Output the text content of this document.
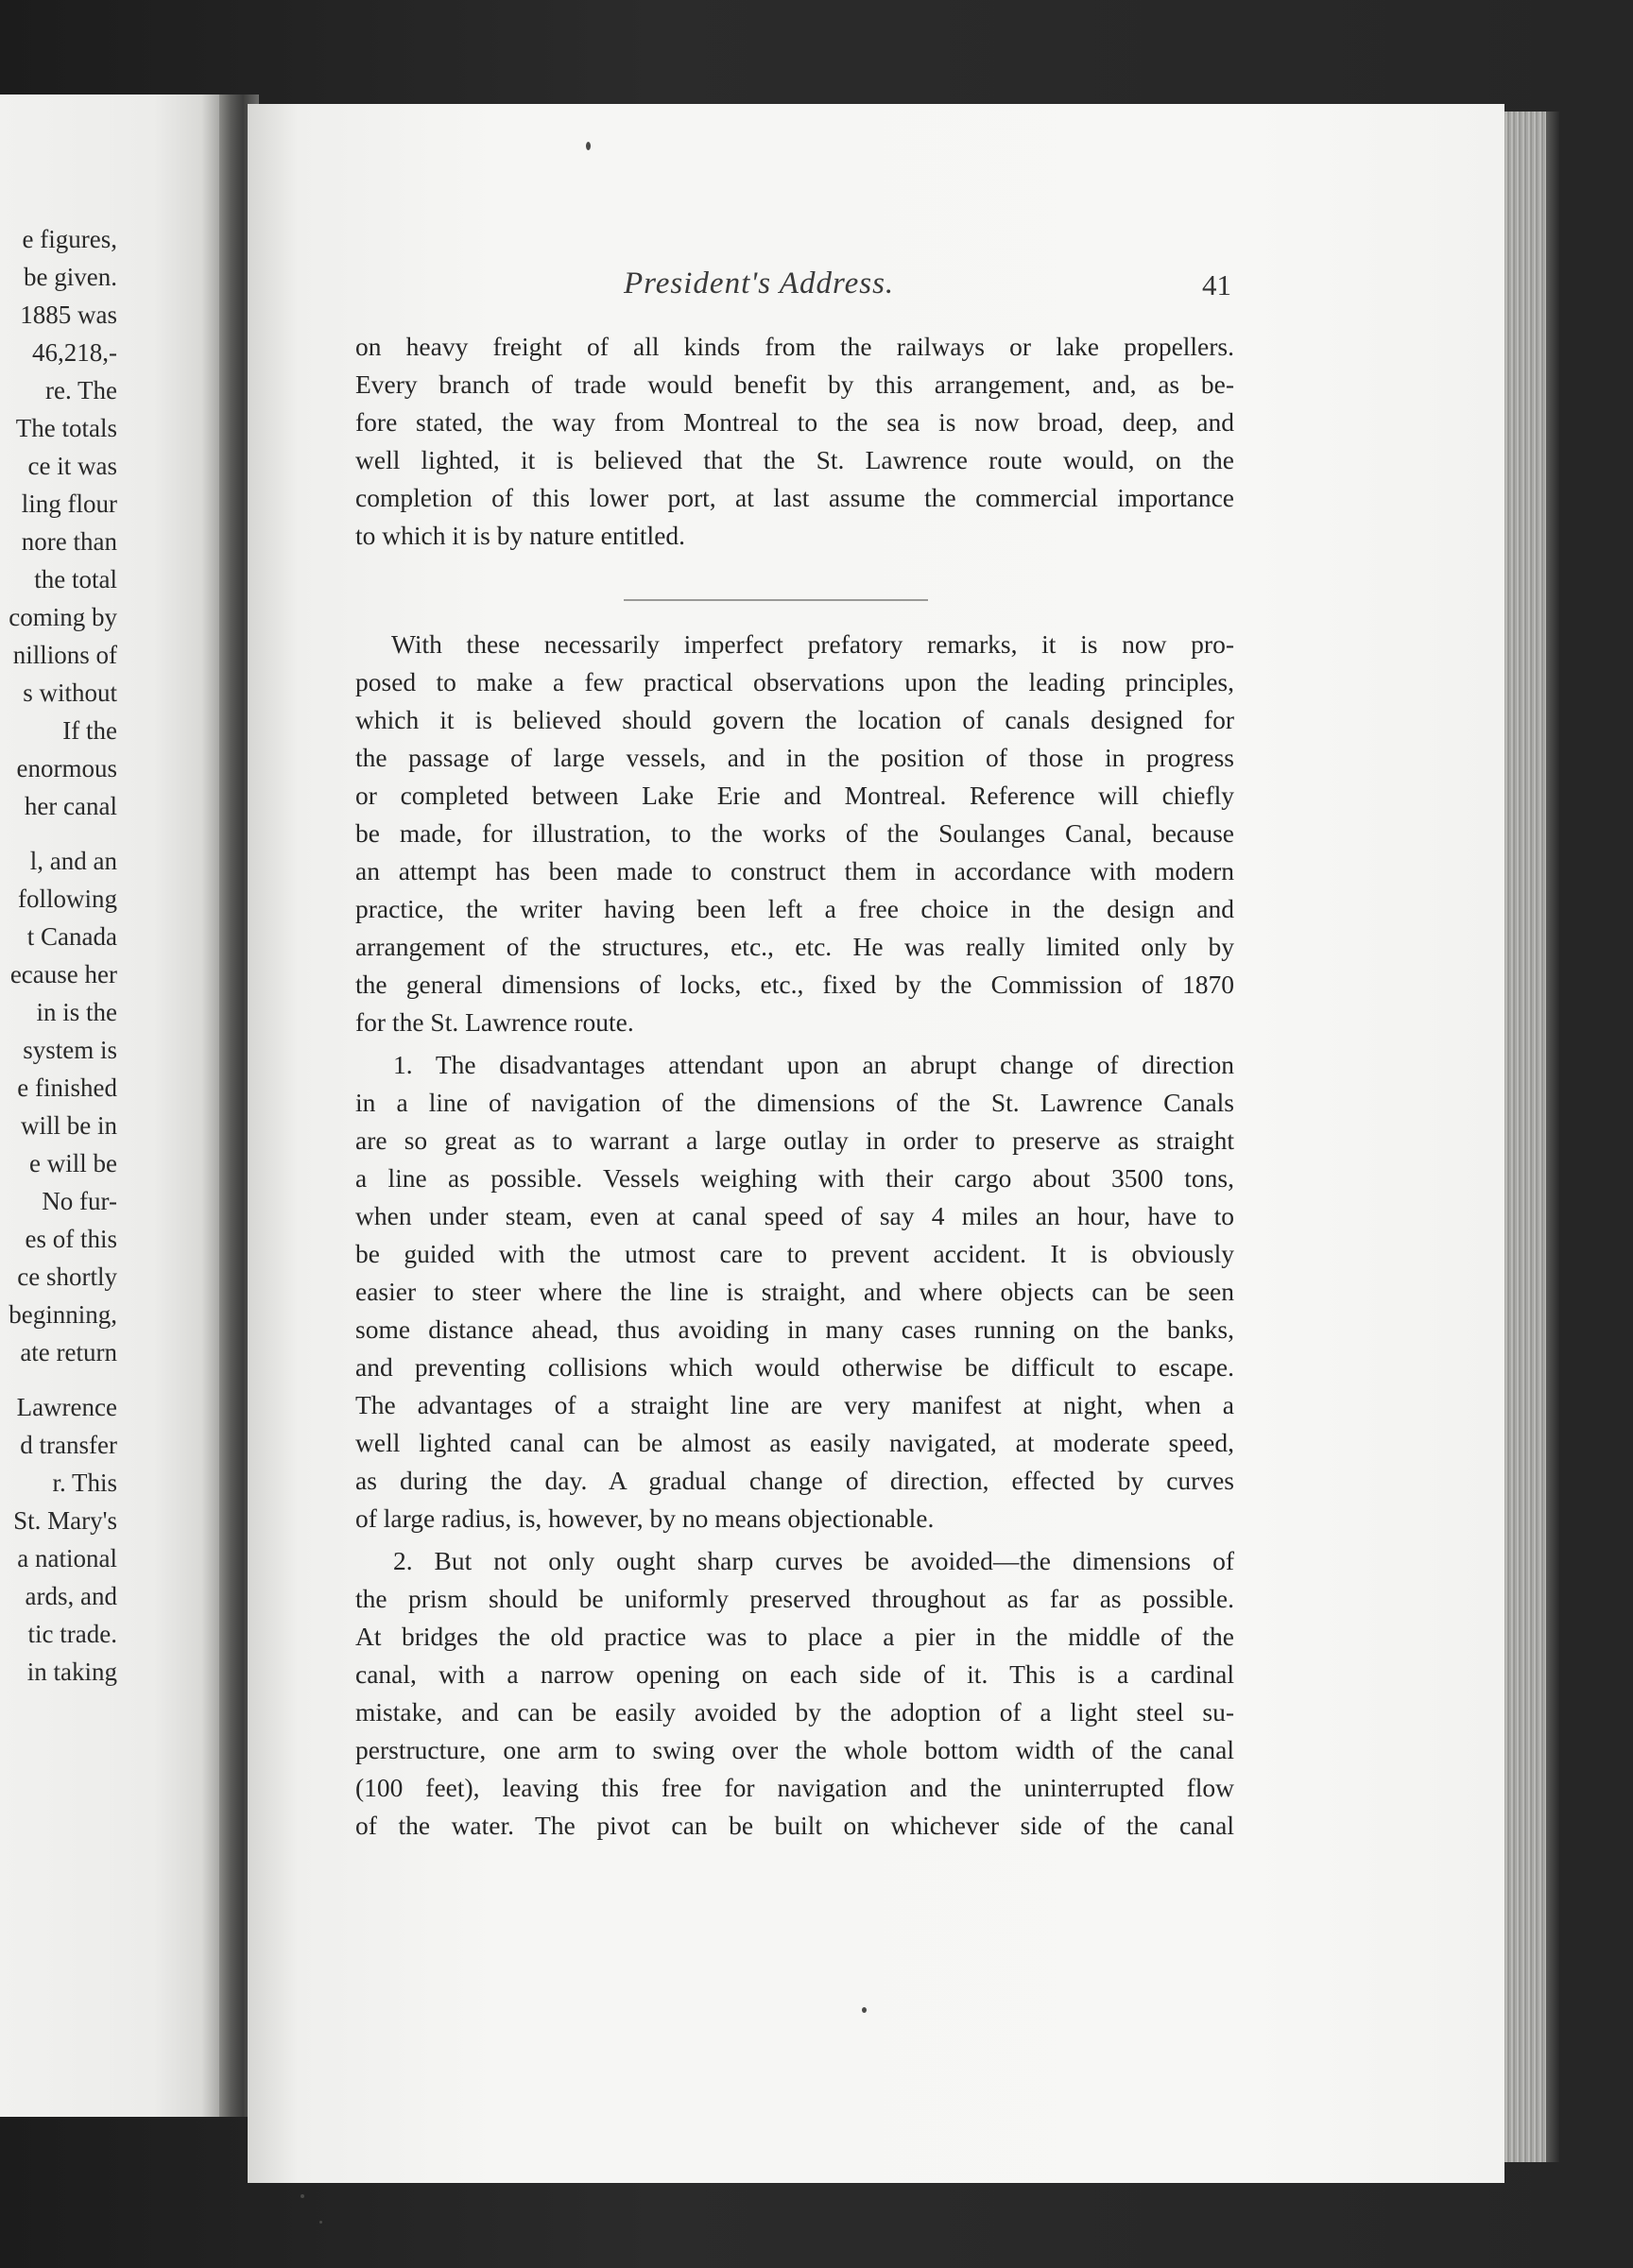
e figures,
be given.
1885 was
46,218,-
re. The
The totals
ce it was
ling flour
nore than
the total
coming by
nillions of
s without
If the
enormous
her canal
l, and an
following
t Canada
ecause her
in is the
system is
e finished
will be in
e will be
No fur-
es of this
ce shortly
beginning,
ate return
Lawrence
d transfer
r. This
St. Mary's
a national
ards, and
tic trade.
in taking
President's Address.	41
on heavy freight of all kinds from the railways or lake propellers.
Every branch of trade would benefit by this arrangement, and, as be-
fore stated, the way from Montreal to the sea is now broad, deep, and
well lighted, it is believed that the St. Lawrence route would, on the
completion of this lower port, at last assume the commercial importance
to which it is by nature entitled.
With these necessarily imperfect prefatory remarks, it is now pro-
posed to make a few practical observations upon the leading principles,
which it is believed should govern the location of canals designed for
the passage of large vessels, and in the position of those in progress
or completed between Lake Erie and Montreal. Reference will chiefly
be made, for illustration, to the works of the Soulanges Canal, because
an attempt has been made to construct them in accordance with modern
practice, the writer having been left a free choice in the design and
arrangement of the structures, etc., etc. He was really limited only by
the general dimensions of locks, etc., fixed by the Commission of 1870
for the St. Lawrence route.
1. The disadvantages attendant upon an abrupt change of direction
in a line of navigation of the dimensions of the St. Lawrence Canals
are so great as to warrant a large outlay in order to preserve as straight
a line as possible. Vessels weighing with their cargo about 3500 tons,
when under steam, even at canal speed of say 4 miles an hour, have to
be guided with the utmost care to prevent accident. It is obviously
easier to steer where the line is straight, and where objects can be seen
some distance ahead, thus avoiding in many cases running on the banks,
and preventing collisions which would otherwise be difficult to escape.
The advantages of a straight line are very manifest at night, when a
well lighted canal can be almost as easily navigated, at moderate speed,
as during the day. A gradual change of direction, effected by curves
of large radius, is, however, by no means objectionable.
2. But not only ought sharp curves be avoided—the dimensions of
the prism should be uniformly preserved throughout as far as possible.
At bridges the old practice was to place a pier in the middle of the
canal, with a narrow opening on each side of it. This is a cardinal
mistake, and can be easily avoided by the adoption of a light steel su-
perstructure, one arm to swing over the whole bottom width of the canal
(100 feet), leaving this free for navigation and the uninterrupted flow
of the water. The pivot can be built on whichever side of the canal
